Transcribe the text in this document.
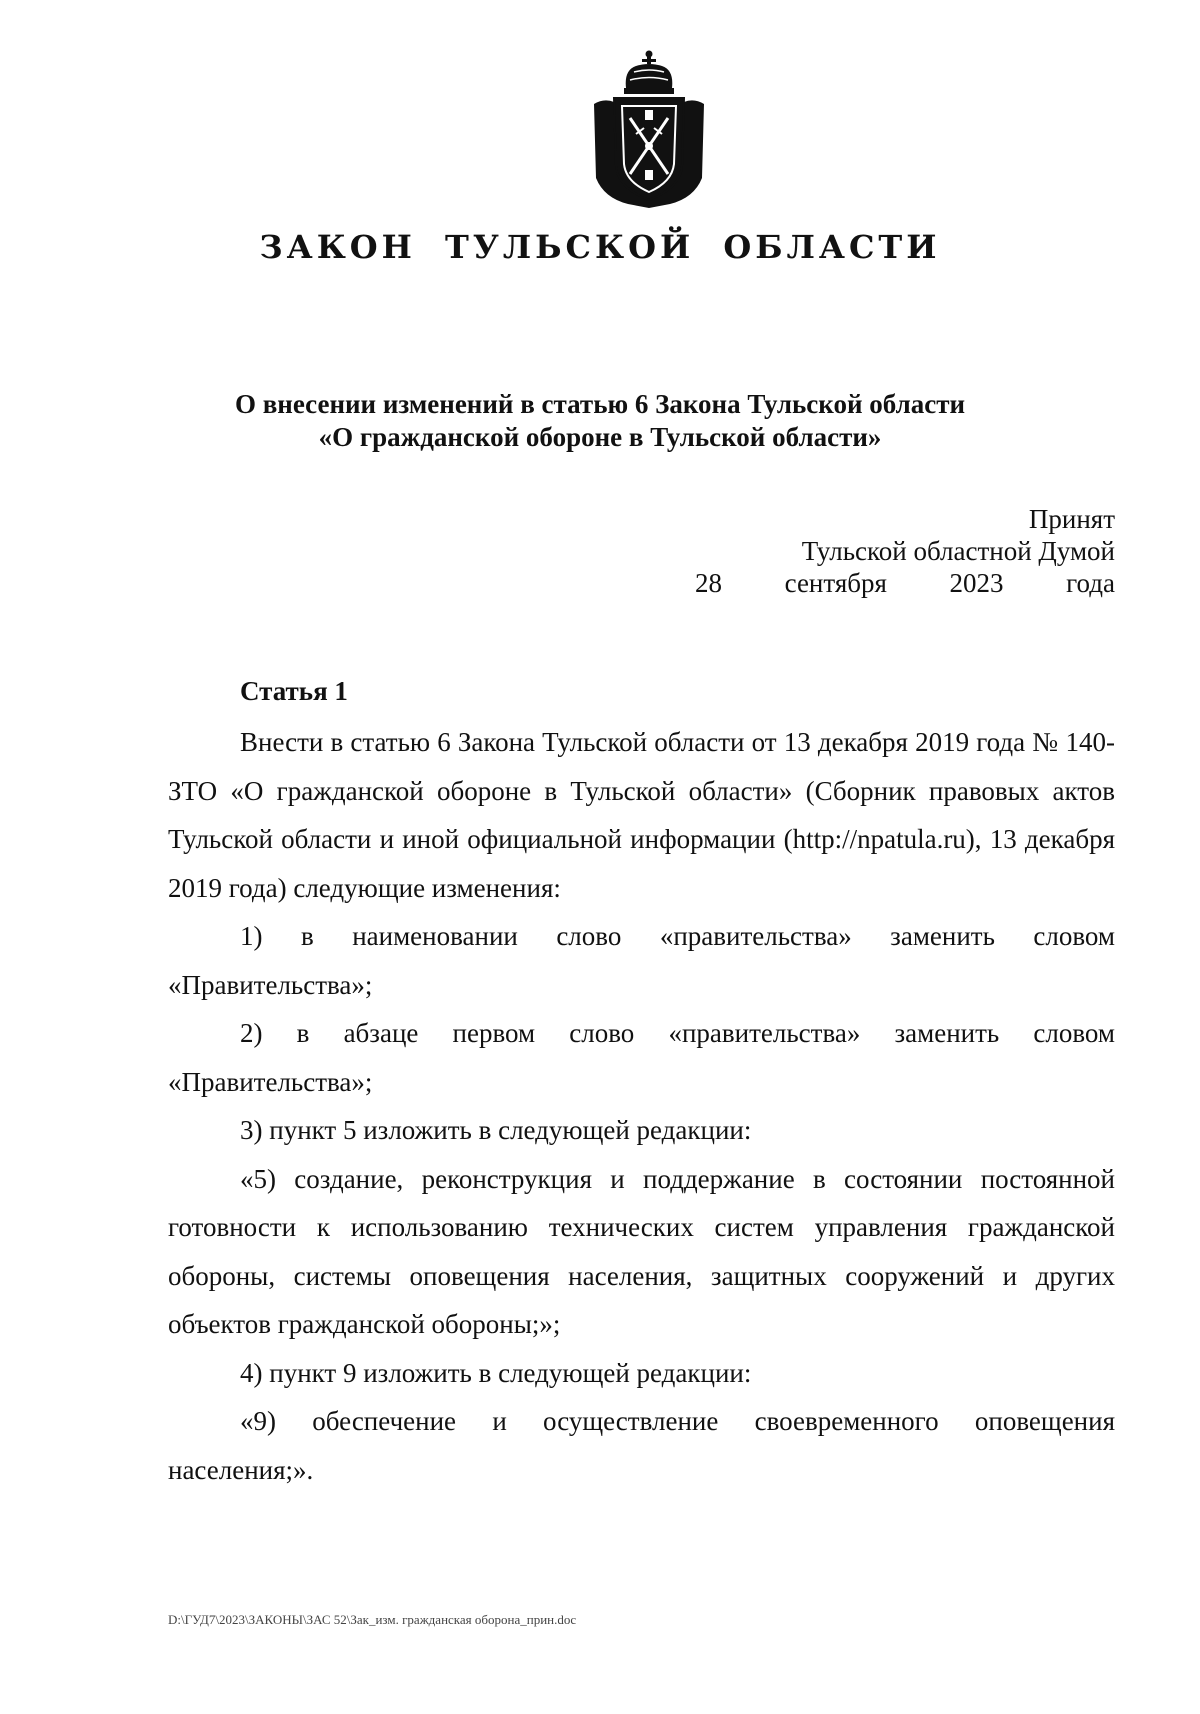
ЗАКОН ТУЛЬСКОЙ ОБЛАСТИ
О внесении изменений в статью 6 Закона Тульской области
«О гражданской обороне в Тульской области»
Принят
Тульской областной Думой
28 сентября 2023 года
Статья 1

Внести в статью 6 Закона Тульской области от 13 декабря 2019 года № 140-ЗТО «О гражданской обороне в Тульской области» (Сборник правовых актов Тульской области и иной официальной информации (http://npatula.ru), 13 декабря 2019 года) следующие изменения:

1) в наименовании слово «правительства» заменить словом «Правительства»;

2) в абзаце первом слово «правительства» заменить словом «Правительства»;

3) пункт 5 изложить в следующей редакции:

«5) создание, реконструкция и поддержание в состоянии постоянной готовности к использованию технических систем управления гражданской обороны, системы оповещения населения, защитных сооружений и других объектов гражданской обороны;»;

4) пункт 9 изложить в следующей редакции:

«9) обеспечение и осуществление своевременного оповещения населения;».

D:\ГУД7\2023\ЗАКОНЫ\ЗАС 52\Зак_изм. гражданская оборона_прин.doc
